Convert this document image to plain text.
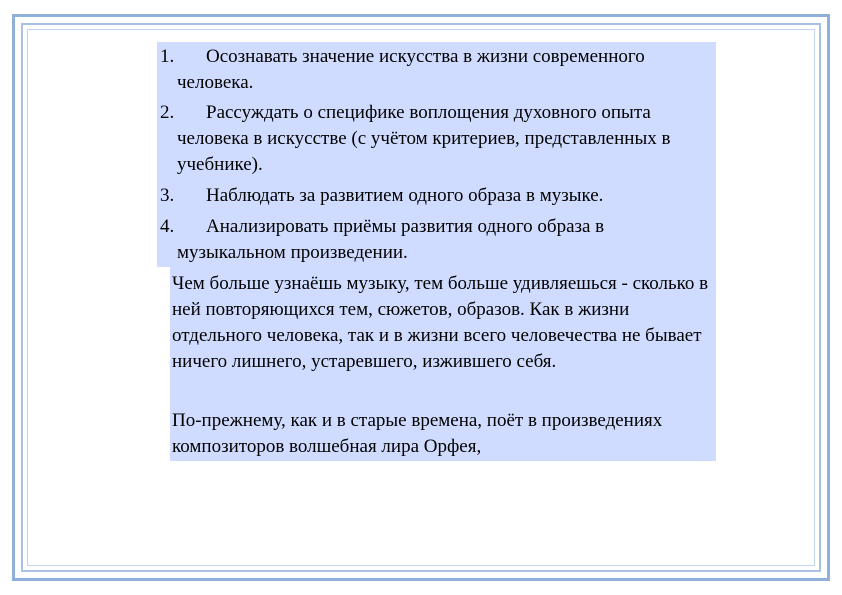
1.	Осознавать значение искусства в жизни современного человека.
2.	Рассуждать о специфике воплощения духовного опыта человека в искусстве (с учётом критериев, представленных в учебнике).
3.	Наблюдать за развитием одного образа в музыке.
4.	Анализировать приёмы развития одного образа в музыкальном произведении.
Чем больше узнаёшь музыку, тем больше удивляешься - сколько в ней повторяющихся тем, сюжетов, образов. Как в жизни отдельного человека, так и в жизни всего человечества не бывает ничего лишнего, устаревшего, изжившего себя.
По-прежнему, как и в старые времена, поёт в произведениях композиторов волшебная лира Орфея,
